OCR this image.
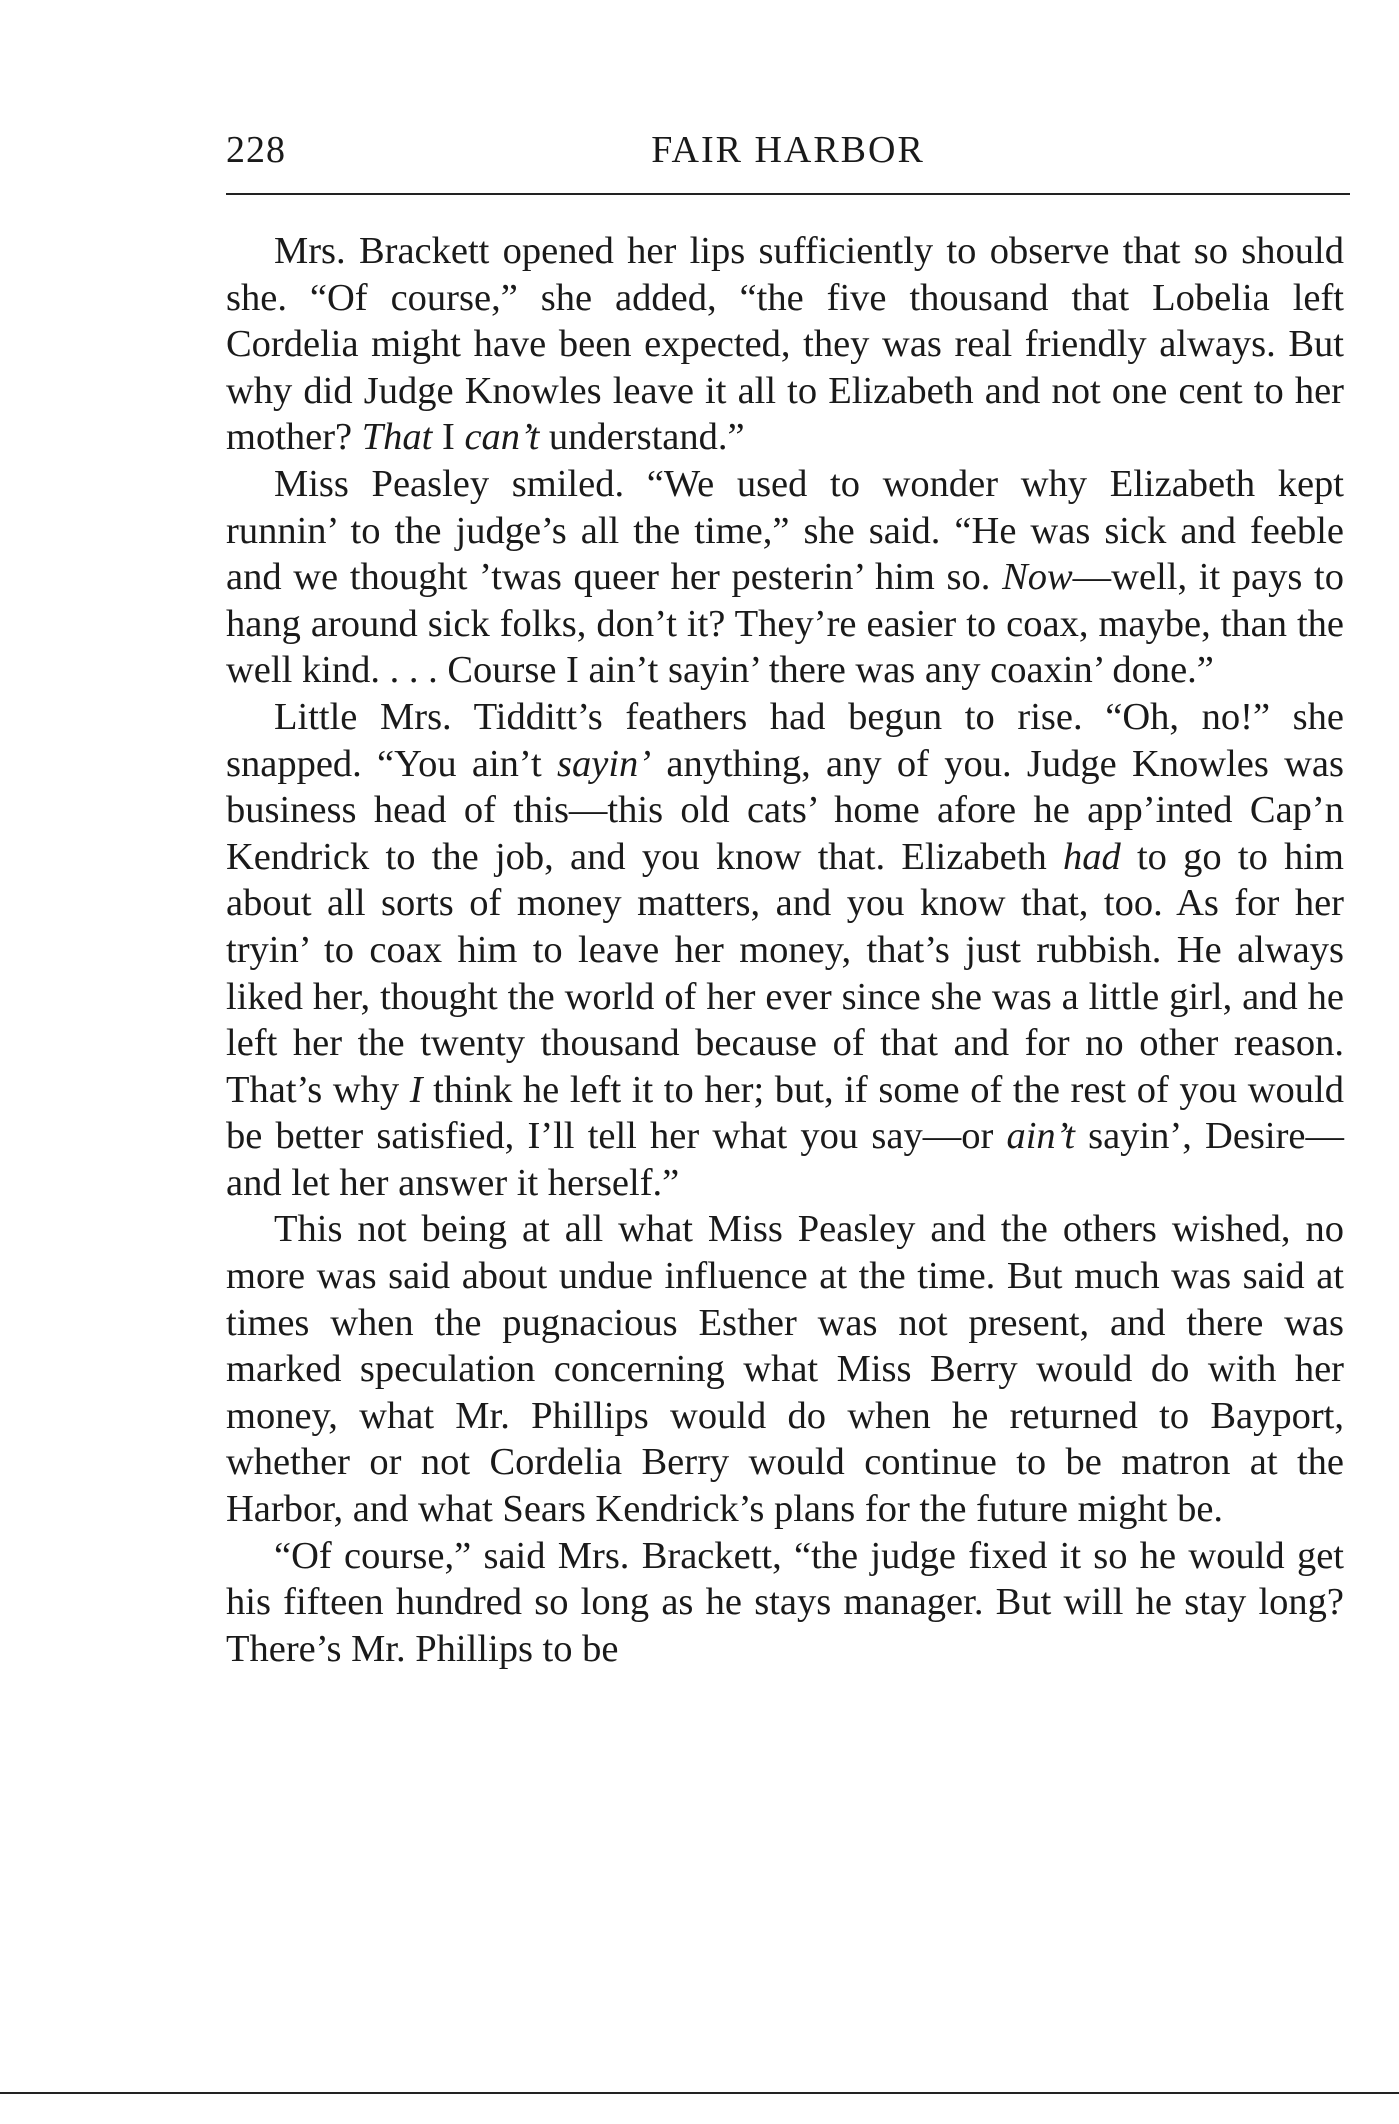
228	FAIR HARBOR

Mrs. Brackett opened her lips sufficiently to observe that so should she. “Of course,” she added, “the five thousand that Lobelia left Cordelia might have been expected, they was real friendly always. But why did Judge Knowles leave it all to Elizabeth and not one cent to her mother? That I can’t understand.”

Miss Peasley smiled. “We used to wonder why Elizabeth kept runnin’ to the judge’s all the time,” she said. “He was sick and feeble and we thought ’twas queer her pesterin’ him so. Now—well, it pays to hang around sick folks, don’t it? They’re easier to coax, maybe, than the well kind. . . . Course I ain’t sayin’ there was any coaxin’ done.”

Little Mrs. Tidditt’s feathers had begun to rise. “Oh, no!” she snapped. “You ain’t sayin’ anything, any of you. Judge Knowles was business head of this—this old cats’ home afore he app’inted Cap’n Kendrick to the job, and you know that. Elizabeth had to go to him about all sorts of money matters, and you know that, too. As for her tryin’ to coax him to leave her money, that’s just rubbish. He always liked her, thought the world of her ever since she was a little girl, and he left her the twenty thousand because of that and for no other reason. That’s why I think he left it to her; but, if some of the rest of you would be better satisfied, I’ll tell her what you say—or ain’t sayin’, Desire—and let her answer it herself.”

This not being at all what Miss Peasley and the others wished, no more was said about undue influence at the time. But much was said at times when the pugnacious Esther was not present, and there was marked speculation concerning what Miss Berry would do with her money, what Mr. Phillips would do when he returned to Bayport, whether or not Cordelia Berry would continue to be matron at the Harbor, and what Sears Kendrick’s plans for the future might be.

“Of course,” said Mrs. Brackett, “the judge fixed it so he would get his fifteen hundred so long as he stays manager. But will he stay long? There’s Mr. Phillips to be
